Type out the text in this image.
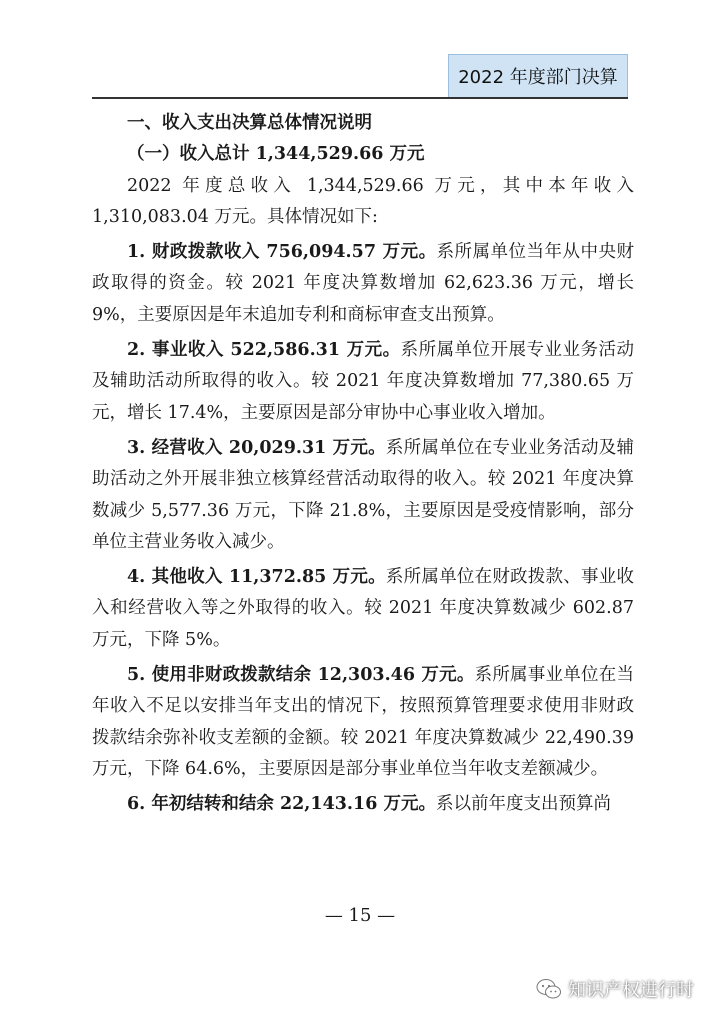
2022 年度部门决算

一、收入支出决算总体情况说明

（一）收入总计 1,344,529.66 万元

2022 年度总收入 1,344,529.66 万元，其中本年收入 1,310,083.04 万元。具体情况如下:

1. 财政拨款收入 756,094.57 万元。系所属单位当年从中央财政取得的资金。较 2021 年度决算数增加 62,623.36 万元，增长 9%，主要原因是年末追加专利和商标审查支出预算。

2. 事业收入 522,586.31 万元。系所属单位开展专业业务活动及辅助活动所取得的收入。较 2021 年度决算数增加 77,380.65 万元，增长 17.4%，主要原因是部分审协中心事业收入增加。

3. 经营收入 20,029.31 万元。系所属单位在专业业务活动及辅助活动之外开展非独立核算经营活动取得的收入。较 2021 年度决算数减少 5,577.36 万元，下降 21.8%，主要原因是受疫情影响，部分单位主营业务收入减少。

4. 其他收入 11,372.85 万元。系所属单位在财政拨款、事业收入和经营收入等之外取得的收入。较 2021 年度决算数减少 602.87 万元，下降 5%。

5. 使用非财政拨款结余 12,303.46 万元。系所属事业单位在当年收入不足以安排当年支出的情况下，按照预算管理要求使用非财政拨款结余弥补收支差额的金额。较 2021 年度决算数减少 22,490.39 万元，下降 64.6%，主要原因是部分事业单位当年收支差额减少。

6. 年初结转和结余 22,143.16 万元。系以前年度支出预算尚

— 15 —
知识产权进行时
